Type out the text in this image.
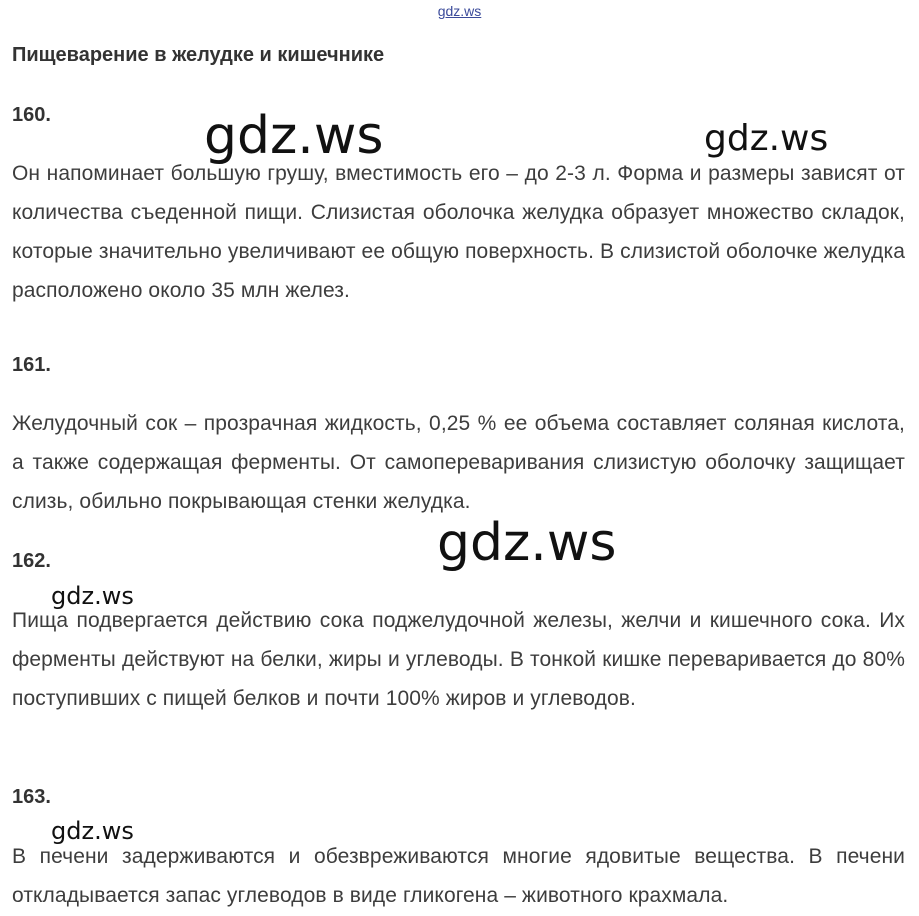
gdz.ws
Пищеварение в желудке и кишечнике
160.
Он напоминает большую грушу, вместимость его – до 2-3 л. Форма и размеры зависят от количества съеденной пищи. Слизистая оболочка желудка образует множество складок, которые значительно увеличивают ее общую поверхность. В слизистой оболочке желудка расположено около 35 млн желез.
161.
Желудочный сок – прозрачная жидкость, 0,25 % ее объема составляет соляная кислота, а также содержащая ферменты. От самопереваривания слизистую оболочку защищает слизь, обильно покрывающая стенки желудка.
162.
Пища подвергается действию сока поджелудочной железы, желчи и кишечного сока. Их ферменты действуют на белки, жиры и углеводы. В тонкой кишке переваривается до 80% поступивших с пищей белков и почти 100% жиров и углеводов.
163.
В печени задерживаются и обезвреживаются многие ядовитые вещества. В печени откладывается запас углеводов в виде гликогена – животного крахмала.
gdz.ws	gdz.ws
gdz.ws
gdz.ws
gdz.ws
